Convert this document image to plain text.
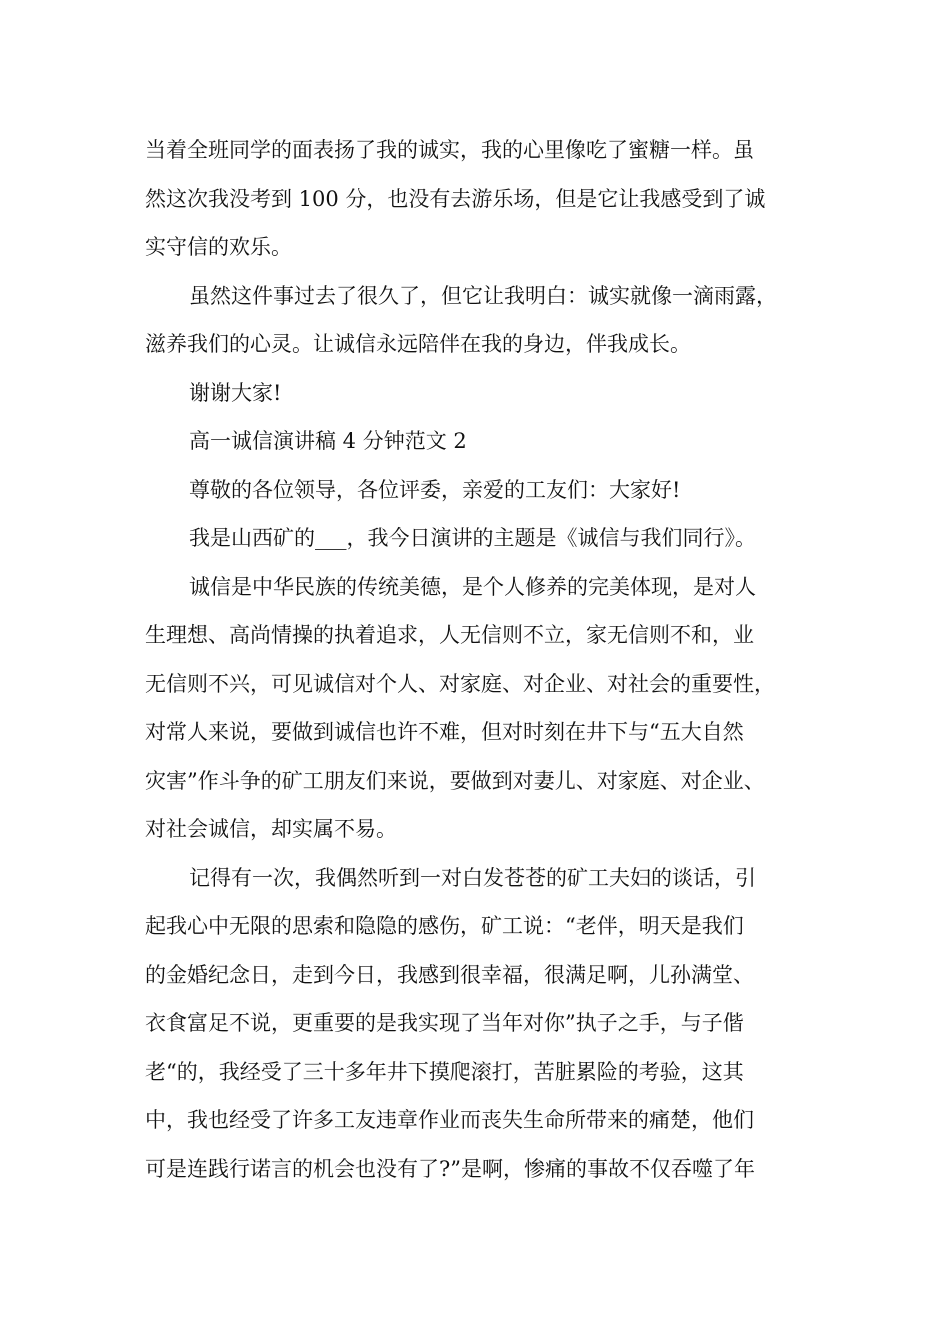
当着全班同学的面表扬了我的诚实，我的心里像吃了蜜糖一样。虽

然这次我没考到 100 分，也没有去游乐场，但是它让我感受到了诚

实守信的欢乐。

虽然这件事过去了很久了，但它让我明白：诚实就像一滴雨露，

滋养我们的心灵。让诚信永远陪伴在我的身边，伴我成长。

谢谢大家!

高一诚信演讲稿 4 分钟范文 2

尊敬的各位领导，各位评委，亲爱的工友们：大家好!

我是山西矿的___，我今日演讲的主题是《诚信与我们同行》。

诚信是中华民族的传统美德，是个人修养的完美体现，是对人

生理想、高尚情操的执着追求，人无信则不立，家无信则不和，业

无信则不兴，可见诚信对个人、对家庭、对企业、对社会的重要性，

对常人来说，要做到诚信也许不难，但对时刻在井下与“五大自然

灾害”作斗争的矿工朋友们来说，要做到对妻儿、对家庭、对企业、

对社会诚信，却实属不易。

记得有一次，我偶然听到一对白发苍苍的矿工夫妇的谈话，引

起我心中无限的思索和隐隐的感伤，矿工说：“老伴，明天是我们

的金婚纪念日，走到今日，我感到很幸福，很满足啊，儿孙满堂、

衣食富足不说，更重要的是我实现了当年对你”执子之手，与子偕

老“的，我经受了三十多年井下摸爬滚打，苦脏累险的考验，这其

中，我也经受了许多工友违章作业而丧失生命所带来的痛楚，他们

可是连践行诺言的机会也没有了?”是啊，惨痛的事故不仅吞噬了年
